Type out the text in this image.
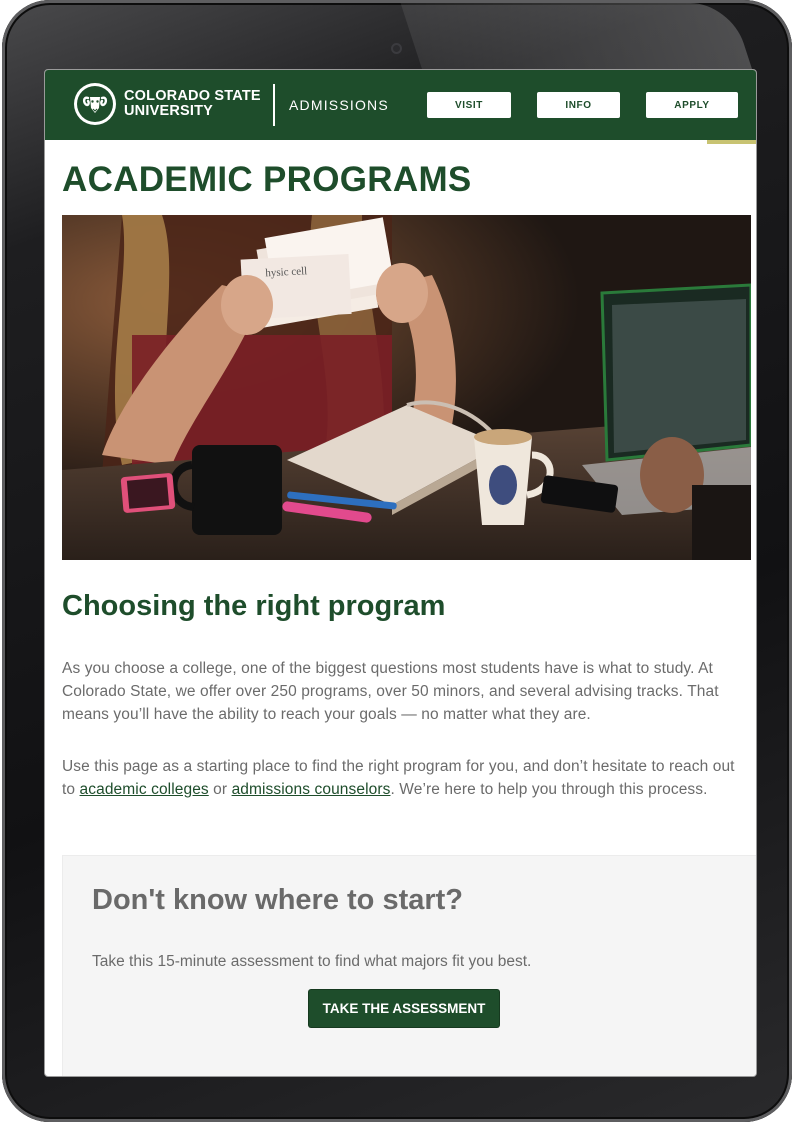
COLORADO STATE
UNIVERSITY	ADMISSIONS	VISIT	INFO	APPLY
ACADEMIC PROGRAMS
hysic cell
Choosing the right program

As you choose a college, one of the biggest questions most students have is what to study. At Colorado State, we offer over 250 programs, over 50 minors, and several advising tracks. That means you’ll have the ability to reach your goals — no matter what they are.

Use this page as a starting place to find the right program for you, and don’t hesitate to reach out to academic colleges or admissions counselors. We’re here to help you through this process.

Don't know where to start?

Take this 15-minute assessment to find what majors fit you best.

TAKE THE ASSESSMENT
